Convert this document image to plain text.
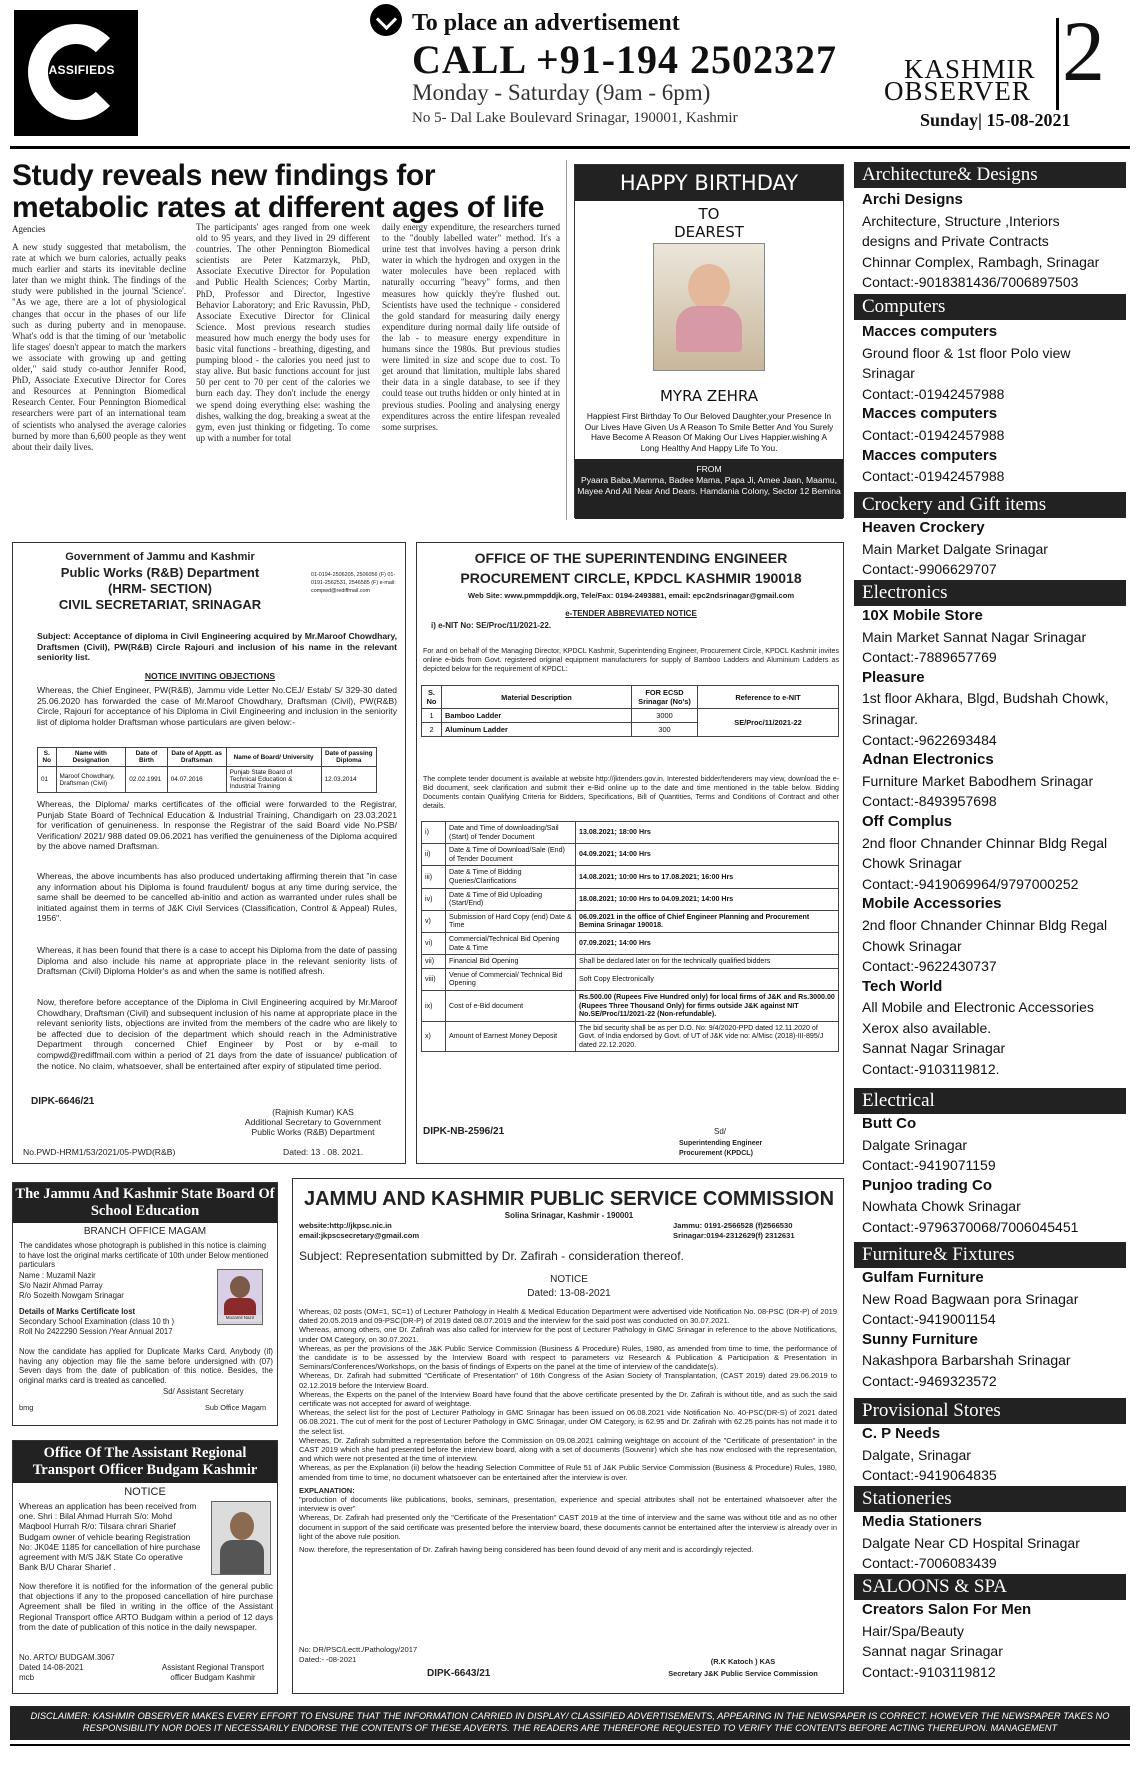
CLASSIFIEDS
To place an advertisement
CALL +91-194 2502327
Monday - Saturday (9am - 6pm)
No 5- Dal Lake Boulevard Srinagar, 190001, Kashmir
KASHMIR
OBSERVER 2
Sunday| 15-08-2021
Study reveals new findings for metabolic rates at different ages of life
Agencies
A new study suggested that metabolism, the rate at which we burn calories, actually peaks much earlier and starts its inevitable decline later than we might think. The findings of the study were published in the journal 'Science'. "As we age, there are a lot of physiological changes that occur in the phases of our life such as during puberty and in menopause. What's odd is that the timing of our 'metabolic life stages' doesn't appear to match the markers we associate with growing up and getting older," said study co-author Jennifer Rood, PhD, Associate Executive Director for Cores and Resources at Pennington Biomedical Research Center. Four Pennington Biomedical researchers were part of an international team of scientists who analysed the average calories burned by more than 6,600 people as they went about their daily lives.
The participants' ages ranged from one week old to 95 years, and they lived in 29 different countries. The other Pennington Biomedical scientists are Peter Katzmarzyk, PhD, Associate Executive Director for Population and Public Health Sciences; Corby Martin, PhD, Professor and Director, Ingestive Behavior Laboratory; and Eric Ravussin, PhD, Associate Executive Director for Clinical Science. Most previous research studies measured how much energy the body uses for basic vital functions - breathing, digesting, and pumping blood - the calories you need just to stay alive. But basic functions account for just 50 per cent to 70 per cent of the calories we burn each day. They don't include the energy we spend doing everything else: washing the dishes, walking the dog, breaking a sweat at the gym, even just thinking or fidgeting. To come up with a number for total
daily energy expenditure, the researchers turned to the "doubly labelled water" method. It's a urine test that involves having a person drink water in which the hydrogen and oxygen in the water molecules have been replaced with naturally occurring "heavy" forms, and then measures how quickly they're flushed out. Scientists have used the technique - considered the gold standard for measuring daily energy expenditure during normal daily life outside of the lab - to measure energy expenditure in humans since the 1980s. But previous studies were limited in size and scope due to cost. To get around that limitation, multiple labs shared their data in a single database, to see if they could tease out truths hidden or only hinted at in previous studies. Pooling and analysing energy expenditures across the entire lifespan revealed some surprises.
HAPPY BIRTHDAY
TO
DEAREST
MYRA ZEHRA
Happiest First Birthday To Our Beloved Daughter,your Presence In Our Lives Have Given Us A Reason To Smile Better And You Surely Have Become A Reason Of Making Our Lives Happier.wishing A Long Healthy And Happy Life To You.
FROM
Pyaara Baba,Mamma, Badee Mama, Papa Ji, Amee Jaan, Maamu, Mayee And All Near And Dears. Hamdania Colony, Sector 12 Bemina
Architecture& Designs
Archi Designs
Architecture, Structure ,Interiors
designs and Private Contracts
Chinnar Complex, Rambagh, Srinagar
Contact:-9018381436/7006897503
Computers
Macces computers
Ground floor & 1st floor Polo view
Srinagar
Contact:-01942457988
Macces computers
Contact:-01942457988
Macces computers
Contact:-01942457988
Crockery and Gift items
Heaven Crockery
Main Market Dalgate Srinagar
Contact:-9906629707
Electronics
10X Mobile Store
Main Market Sannat Nagar Srinagar
Contact:-7889657769
Pleasure
1st floor Akhara, Blgd, Budshah Chowk,
Srinagar.
Contact:-9622693484
Adnan Electronics
Furniture Market Babodhem Srinagar
Contact:-8493957698
Off Complus
2nd floor Chnander Chinnar Bldg Regal
Chowk Srinagar
Contact:-9419069964/9797000252
Mobile Accessories
2nd floor Chnander Chinnar Bldg Regal
Chowk Srinagar
Contact:-9622430737
Tech World
All Mobile and Electronic Accessories
Xerox also available.
Sannat Nagar Srinagar
Contact:-9103119812.
Electrical
Butt Co
Dalgate Srinagar
Contact:-9419071159
Punjoo trading Co
Nowhata Chowk Srinagar
Contact:-9796370068/7006045451
Furniture& Fixtures
Gulfam Furniture
New Road Bagwaan pora Srinagar
Contact:-9419001154
Sunny Furniture
Nakashpora Barbarshah Srinagar
Contact:-9469323572
Provisional Stores
C. P Needs
Dalgate, Srinagar
Contact:-9419064835
Stationeries
Media Stationers
Dalgate Near CD Hospital Srinagar
Contact:-7006083439
SALOONS & SPA
Creators Salon For Men
Hair/Spa/Beauty
Sannat nagar Srinagar
Contact:-9103119812
Government of Jammu and Kashmir
Public Works (R&B) Department
(HRM- SECTION)
CIVIL SECRETARIAT, SRINAGAR
01-0194-2506205, 2506056 (F) 01-0191-2562531, 2546585 (F) e-mail: compwd@rediffmail.com
Subject: Acceptance of diploma in Civil Engineering acquired by Mr.Maroof Chowdhary, Draftsmen (Civil), PW(R&B) Circle Rajouri and inclusion of his name in the relevant seniority list.
NOTICE INVITING OBJECTIONS
Whereas, the Chief Engineer, PW(R&B), Jammu vide Letter No.CEJ/ Estab/ S/ 329-30 dated 25.06.2020 has forwarded the case of Mr.Maroof Chowdhary, Draftsman (Civil), PW(R&B) Circle, Rajouri for acceptance of his Diploma in Civil Engineering and inclusion in the seniority list of diploma holder Draftsman whose particulars are given below:-
S. No	Name with Designation	Date of Birth	Date of Apptt. as Draftsman	Name of Board/ University	Date of passing Diploma
01	Maroof Chowdhary, Draftsman (Civil)	02.02.1991	04.07.2016	Punjab State Board of Technical Education & Industrial Training	12.03.2014
Whereas, the Diploma/ marks certificates of the official were forwarded to the Registrar, Punjab State Board of Technical Education & Industrial Training, Chandigarh on 23.03.2021 for verification of genuineness. In response the Registrar of the said Board vide No.PSB/ Verification/ 2021/ 988 dated 09.06.2021 has verified the genuineness of the Diploma acquired by the above named Draftsman.
Whereas, the above incumbents has also produced undertaking affirming therein that "in case any information about his Diploma is found fraudulent/ bogus at any time during service, the same shall be deemed to be cancelled ab-initio and action as warranted under rules shall be initiated against them in terms of J&K Civil Services (Classification, Control & Appeal) Rules, 1956".
Whereas, it has been found that there is a case to accept his Diploma from the date of passing Diploma and also include his name at appropriate place in the relevant seniority lists of Draftsman (Civil) Diploma Holder's as and when the same is notified afresh.
Now, therefore before acceptance of the Diploma in Civil Engineering acquired by Mr.Maroof Chowdhary, Draftsman (Civil) and subsequent inclusion of his name at appropriate place in the relevant seniority lists, objections are invited from the members of the cadre who are likely to be affected due to decision of the department which should reach in the Administrative Department through concerned Chief Engineer by Post or by e-mail to compwd@rediffmail.com within a period of 21 days from the date of issuance/ publication of the notice. No claim, whatsoever, shall be entertained after expiry of stipulated time period.
DIPK-6646/21
(Rajnish Kumar) KAS
Additional Secretary to Government
Public Works (R&B) Department
No.PWD-HRM1/53/2021/05-PWD(R&B)	Dated: 13 . 08. 2021.
OFFICE OF THE SUPERINTENDING ENGINEER
PROCUREMENT CIRCLE, KPDCL KASHMIR 190018
Web Site: www.pmmpddjk.org, Tele/Fax: 0194-2493881, email: epc2ndsrinagar@gmail.com
e-TENDER ABBREVIATED NOTICE
i) e-NIT No: SE/Proc/11/2021-22.
For and on behalf of the Managing Director, KPDCL Kashmir, Superintending Engineer, Procurement Circle, KPDCL Kashmir invites online e-bids from Govt. registered original equipment manufacturers for supply of Bamboo Ladders and Aluminium Ladders as depicted below for the requirement of KPDCL:
S. No	Material Description	FOR ECSD Srinagar (No's)	Reference to e-NIT
1	Bamboo Ladder	3000	SE/Proc/11/2021-22
2	Aluminum Ladder	300	
The complete tender document is available at website http://jktenders.gov.in. Interested bidder/tenderers may view, download the e-Bid document, seek clarification and submit their e-Bid online up to the date and time mentioned in the table below. Bidding Documents contain Qualifying Criteria for Bidders, Specifications, Bill of Quantities, Terms and Conditions of Contract and other details.
i)	Date and Time of downloading/Sail (Start) of Tender Document	13.08.2021; 18:00 Hrs
ii)	Date & Time of Download/Sale (End) of Tender Document	04.09.2021; 14:00 Hrs
iii)	Date & Time of Bidding Queries/Clarifications	14.08.2021; 10:00 Hrs to 17.08.2021; 16:00 Hrs
iv)	Date & Time of Bid Uploading (Start/End)	18.08.2021; 10:00 Hrs to 04.09.2021; 14:00 Hrs
v)	Submission of Hard Copy (end) Date & Time	06.09.2021 in the office of Chief Engineer Planning and Procurement Bemina Srinagar 190018.
vi)	Commercial/Technical Bid Opening Date & Time	07.09.2021; 14:00 Hrs
vii)	Financial Bid Opening	Shall be declared later on for the technically qualified bidders
viii)	Venue of Commercial/ Technical Bid Opening	Soft Copy Electronically
ix)	Cost of e-Bid document	Rs.500.00 (Rupees Five Hundred only) for local firms of J&K and Rs.3000.00 (Rupees Three Thousand Only) for firms outside J&K against NIT No.SE/Proc/11/2021-22 (Non-refundable).
x)	Amount of Earnest Money Deposit	The bid security shall be as per D.O. No: 9/4/2020-PPD dated 12.11.2020 of Govt. of India endorsed by Govt. of UT of J&K vide no: A/Misc (2018)-III-895/J dated 22.12.2020.
DIPK-NB-2596/21	Sd/
Superintending Engineer
Procurement (KPDCL)
The Jammu And Kashmir State Board Of School Education
BRANCH OFFICE MAGAM
The candidates whose photograph is published in this notice is claiming to have lost the original marks certificate of 10th under Below mentioned particulars
Name : Muzamil Nazir
S/o Nazir Ahmad Parray
R/o Sozeith Nowgam Srinagar
Muzamil Nazir
Details of Marks Certificate lost
Secondary School Examination (class 10 th )
Roll No 2422290 Session /Year Annual 2017
Now the candidate has applied for Duplicate Marks Card. Anybody (if) having any objection may file the same before undersigned with (07) Seven days from the date of publication of this notice. Besides, the original marks card is treated as cancelled.
Sd/ Assistant Secretary
bmg	Sub Office Magam
Office Of The Assistant Regional Transport Officer Budgam Kashmir
NOTICE
Whereas an application has been received from one. Shri : Bilal Ahmad Hurrah S/o: Mohd Maqbool Hurrah R/o: Tilsara chrari Sharief Budgam owner of vehicle bearing Registration No: JK04E 1185 for cancellation of hire purchase agreement with M/S J&K State Co operative Bank B/U Charar Sharief .
Now therefore it is notified for the information of the general public that objections if any to the proposed cancellation of hire purchase Agreement shall be filed in writing in the office of the Assistant Regional Transport office ARTO Budgam within a period of 12 days from the date of publication of this notice in the daily newspaper.
No. ARTO/ BUDGAM.3067
Dated 14-08-2021
mcb
Assistant Regional Transport
officer Budgam Kashmir
JAMMU AND KASHMIR PUBLIC SERVICE COMMISSION
Solina Srinagar, Kashmir - 190001
website:http://jkpsc.nic.in
email:jkpscsecretary@gmail.com
Jammu: 0191-2566528 (f)2566530
Srinagar:0194-2312629(f) 2312631
Subject: Representation submitted by Dr. Zafirah - consideration thereof.
NOTICE
Dated: 13-08-2021
Whereas, 02 posts (OM=1, SC=1) of Lecturer Pathology in Health & Medical Education Department were advertised vide Notification No. 08-PSC (DR-P) of 2019 dated 20.05.2019 and 09-PSC(DR-P) of 2019 dated 08.07.2019 and the interview for the said post was conducted on 30.07.2021.
Whereas, among others, one Dr. Zafirah was also called for interview for the post of Lecturer Pathology in GMC Srinagar in reference to the above Notifications, under OM Category, on 30.07.2021.
Whereas, as per the provisions of the J&K Public Service Commission (Business & Procedure) Rules, 1980, as amended from time to time, the performance of the candidate is to be assessed by the Interview Board with respect to parameters viz Research & Publication & Participation & Presentation in Seminars/Conferences/Workshops, on the basis of findings of Experts on the panel at the time of interview of the candidate(s).
Whereas, Dr. Zafirah had submitted "Certificate of Presentation" of 16th Congress of the Asian Society of Transplantation, (CAST 2019) dated 29.06.2019 to 02.12.2019 before the Interview Board.
Whereas, the Experts on the panel of the Interview Board have found that the above certificate presented by the Dr. Zafirah is without title, and as such the said certificate was not accepted for award of weightage.
Whereas, the select list for the post of Lecturer Pathology in GMC Srinagar has been issued on 06.08.2021 vide Notification No. 40-PSC(DR-S) of 2021 dated 06.08.2021. The cut of merit for the post of Lecturer Pathology in GMC Srinagar, under OM Category, is 62.95 and Dr. Zafirah with 62.25 points has not made it to the select list.
Whereas, Dr. Zafirah submitted a representation before the Commission on 09.08.2021 calming weightage on account of the "Certificate of presentation" in the CAST 2019 which she had presented before the interview board, along with a set of documents (Souvenir) which she has now enclosed with the representation, and which were not presented at the time of interview.
Whereas, as per the Explanation (ii) below the heading Selection Committee of Rule 51 of J&K Public Service Commission (Business & Procedure) Rules, 1980, amended from time to time, no document whatsoever can be entertained after the interview is over.
EXPLANATION:
"production of documents like publications, books, seminars, presentation, experience and special attributes shall not be entertained whatsoever after the interview is over"
Whereas, Dr. Zafirah had presented only the "Certificate of the Presentation" CAST 2019 at the time of interview and the same was without title and as no other document in support of the said certificate was presented before the interview board, these documents cannot be entertained after the interview is already over in light of the above rule position.
Now. therefore, the representation of Dr. Zafirah having being considered has been found devoid of any merit and is accordingly rejected.
No: DR/PSC/Lectt./Pathology/2017
Dated:- -08-2021
DIPK-6643/21
(R.K Katoch ) KAS
Secretary J&K Public Service Commission
DISCLAIMER: KASHMIR OBSERVER MAKES EVERY EFFORT TO ENSURE THAT THE INFORMATION CARRIED IN DISPLAY/ CLASSIFIED ADVERTISEMENTS, APPEARING IN THE NEWSPAPER IS CORRECT. HOWEVER THE NEWSPAPER TAKES NO RESPONSIBILITY NOR DOES IT NECESSARILY ENDORSE THE CONTENTS OF THESE ADVERTS. THE READERS ARE THEREFORE REQUESTED TO VERIFY THE CONTENTS BEFORE ACTING THEREUPON. MANAGEMENT
